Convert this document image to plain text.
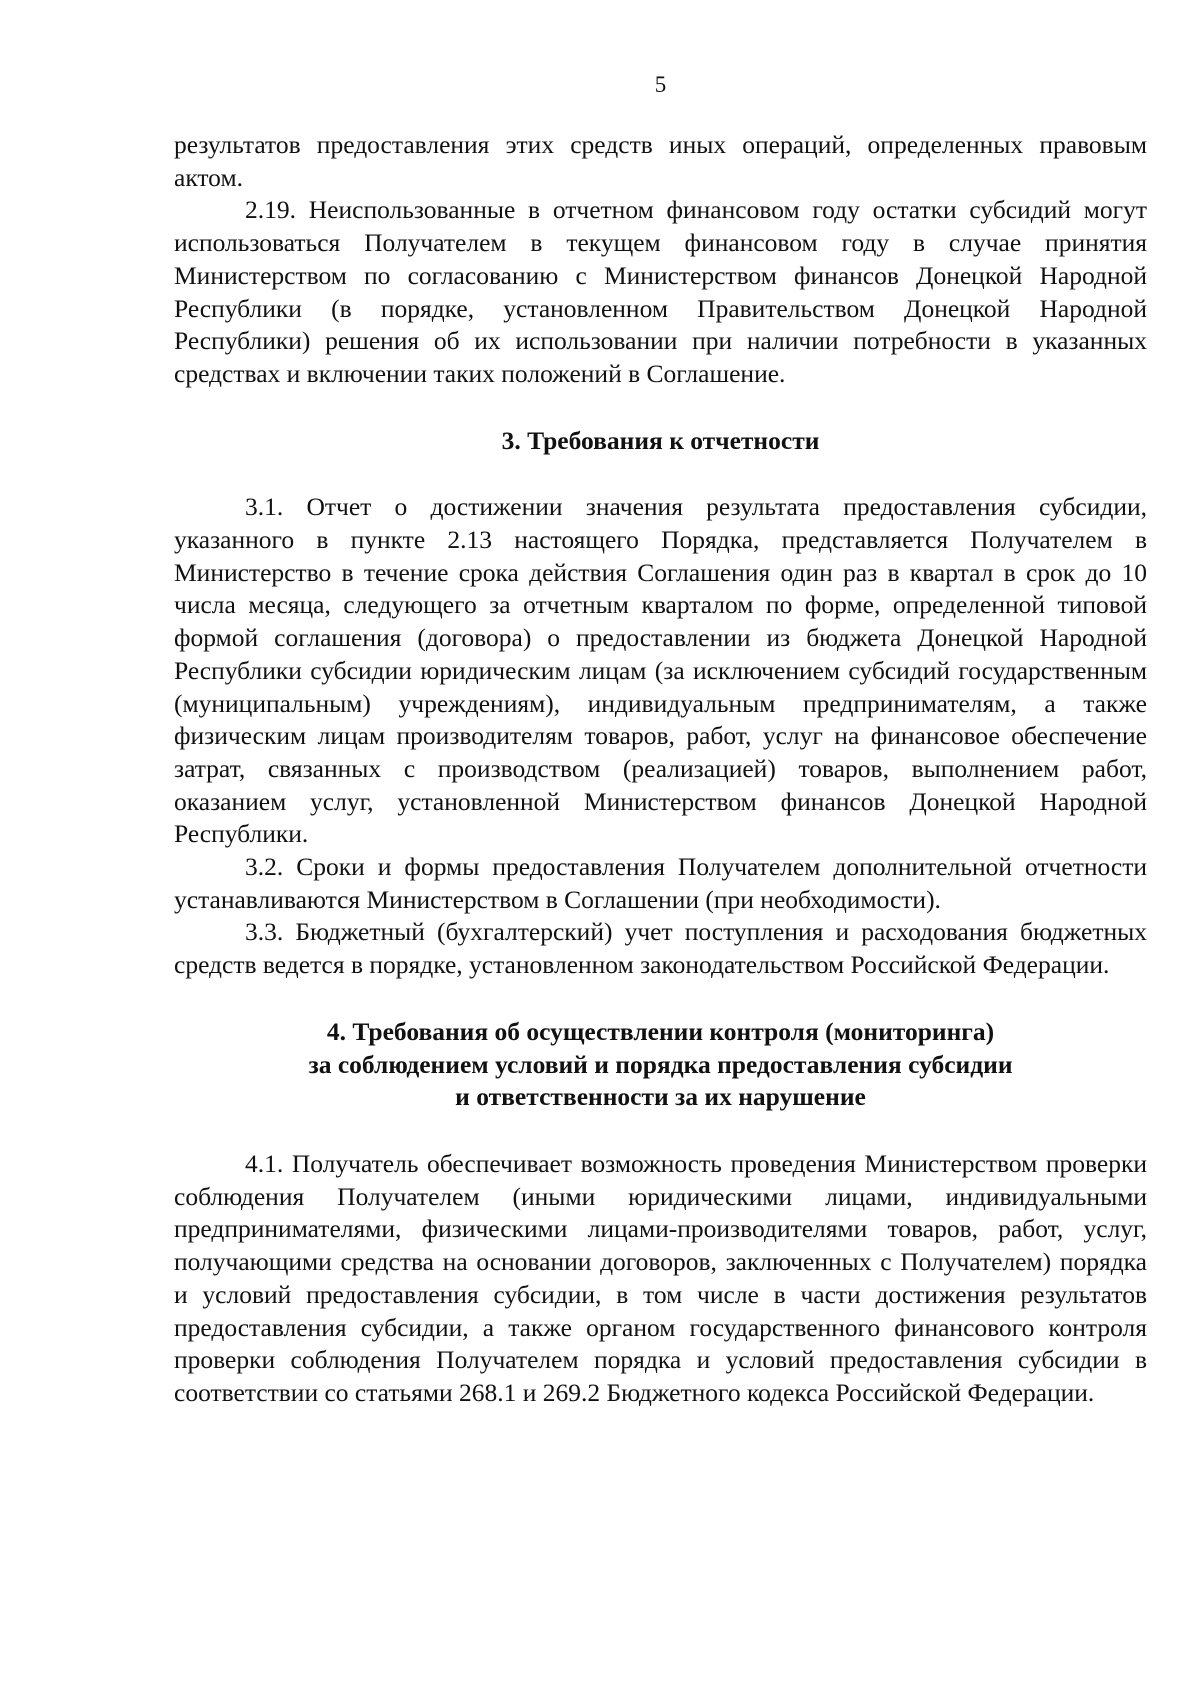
5

результатов предоставления этих средств иных операций, определенных правовым актом.

2.19. Неиспользованные в отчетном финансовом году остатки субсидий могут использоваться Получателем в текущем финансовом году в случае принятия Министерством по согласованию с Министерством финансов Донецкой Народной Республики (в порядке, установленном Правительством Донецкой Народной Республики) решения об их использовании при наличии потребности в указанных средствах и включении таких положений в Соглашение.

3. Требования к отчетности

3.1. Отчет о достижении значения результата предоставления субсидии, указанного в пункте 2.13 настоящего Порядка, представляется Получателем в Министерство в течение срока действия Соглашения один раз в квартал в срок до 10 числа месяца, следующего за отчетным кварталом по форме, определенной типовой формой соглашения (договора) о предоставлении из бюджета Донецкой Народной Республики субсидии юридическим лицам (за исключением субсидий государственным (муниципальным) учреждениям), индивидуальным предпринимателям, а также физическим лицам производителям товаров, работ, услуг на финансовое обеспечение затрат, связанных с производством (реализацией) товаров, выполнением работ, оказанием услуг, установленной Министерством финансов Донецкой Народной Республики.

3.2. Сроки и формы предоставления Получателем дополнительной отчетности устанавливаются Министерством в Соглашении (при необходимости).

3.3. Бюджетный (бухгалтерский) учет поступления и расходования бюджетных средств ведется в порядке, установленном законодательством Российской Федерации.

4. Требования об осуществлении контроля (мониторинга)
за соблюдением условий и порядка предоставления субсидии
и ответственности за их нарушение

4.1. Получатель обеспечивает возможность проведения Министерством проверки соблюдения Получателем (иными юридическими лицами, индивидуальными предпринимателями, физическими лицами-производителями товаров, работ, услуг, получающими средства на основании договоров, заключенных с Получателем) порядка и условий предоставления субсидии, в том числе в части достижения результатов предоставления субсидии, а также органом государственного финансового контроля проверки соблюдения Получателем порядка и условий предоставления субсидии в соответствии со статьями 268.1 и 269.2 Бюджетного кодекса Российской Федерации.
